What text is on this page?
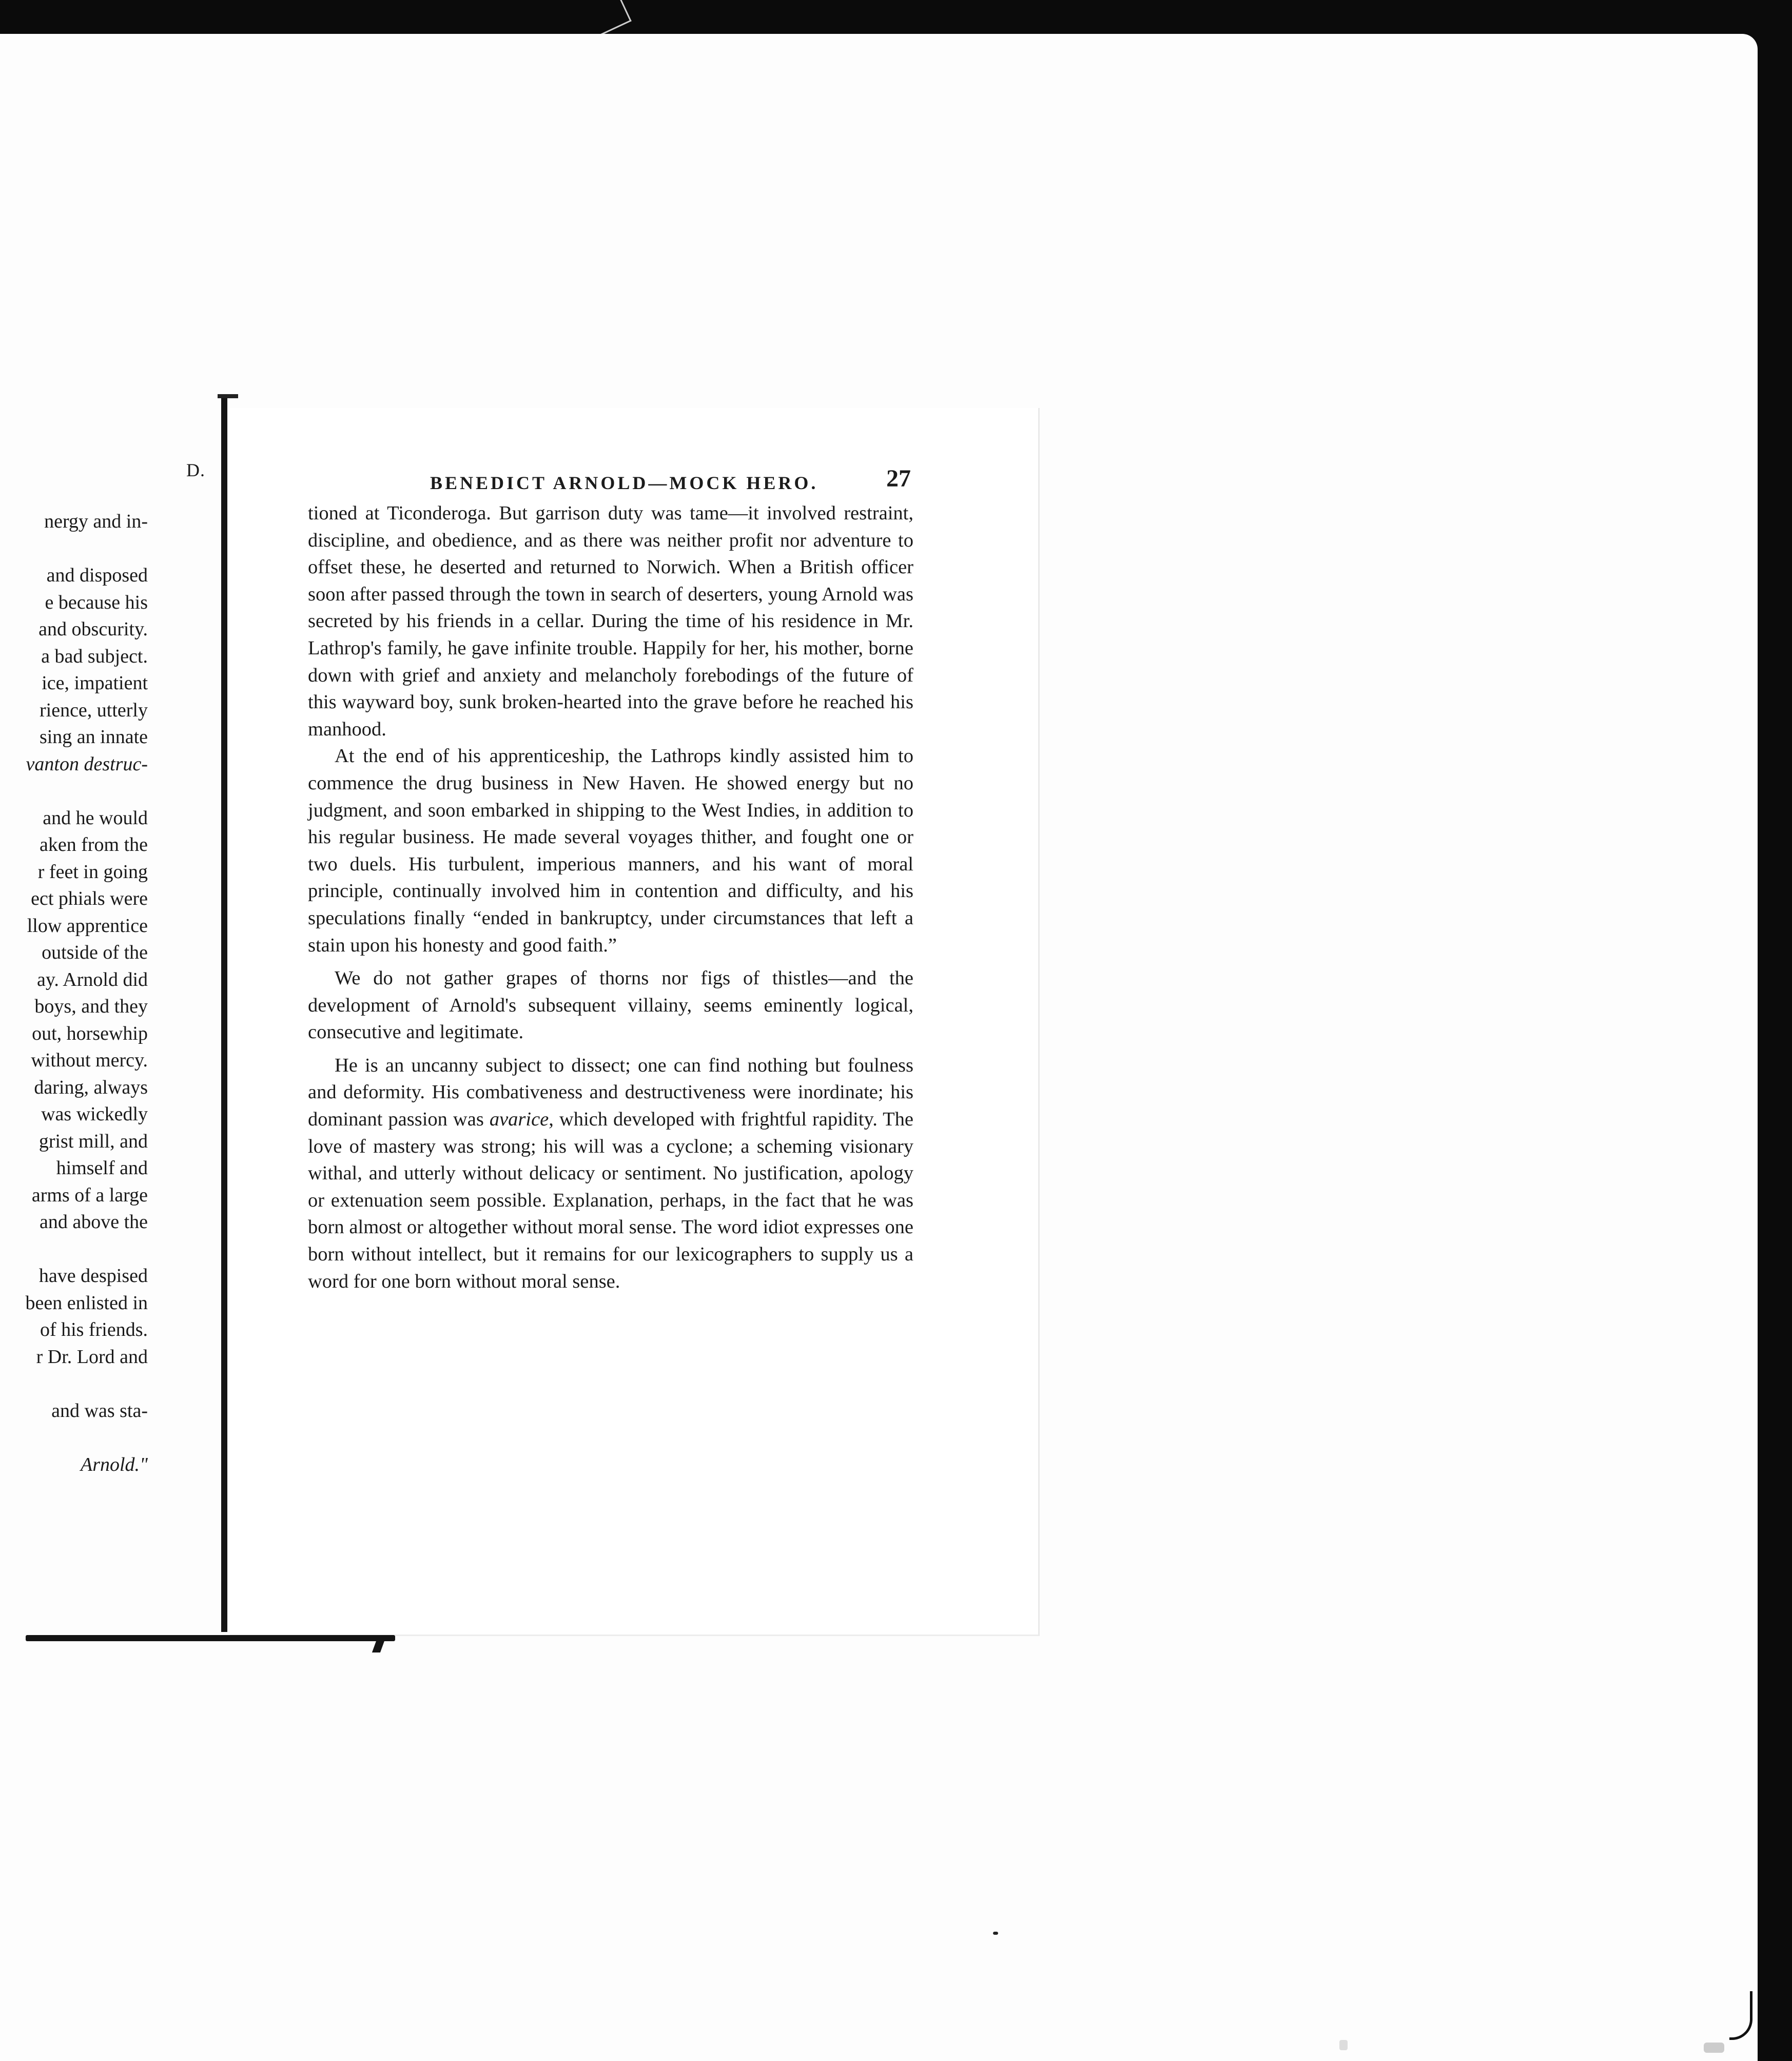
D.
nergy and in-

and disposed
e because his
and obscurity.
a bad subject.
ice, impatient
rience, utterly
sing an innate
vanton destruc-

and he would
aken from the
r feet in going
ect phials were
llow apprentice
outside of the
ay. Arnold did
boys, and they
out, horsewhip
without mercy.
daring, always
was wickedly
grist mill, and
himself and
arms of a large
and above the

have despised
been enlisted in
of his friends.
r Dr. Lord and

and was sta-

Arnold."
BENEDICT ARNOLD—MOCK HERO.	27

tioned at Ticonderoga. But garrison duty was tame—it involved restraint, discipline, and obedience, and as there was neither profit nor adventure to offset these, he deserted and returned to Norwich. When a British officer soon after passed through the town in search of deserters, young Arnold was secreted by his friends in a cellar. During the time of his residence in Mr. Lathrop's family, he gave infinite trouble. Happily for her, his mother, borne down with grief and anxiety and melancholy forebodings of the future of this wayward boy, sunk broken-hearted into the grave before he reached his manhood.

At the end of his apprenticeship, the Lathrops kindly assisted him to commence the drug business in New Haven. He showed energy but no judgment, and soon embarked in shipping to the West Indies, in addition to his regular business. He made several voyages thither, and fought one or two duels. His turbulent, imperious manners, and his want of moral principle, continually involved him in contention and difficulty, and his speculations finally “ended in bankruptcy, under circumstances that left a stain upon his honesty and good faith.”

We do not gather grapes of thorns nor figs of thistles—and the development of Arnold's subsequent villainy, seems eminently logical, consecutive and legitimate.

He is an uncanny subject to dissect; one can find nothing but foulness and deformity. His combativeness and destructiveness were inordinate; his dominant passion was avarice, which developed with frightful rapidity. The love of mastery was strong; his will was a cyclone; a scheming visionary withal, and utterly without delicacy or sentiment. No justification, apology or extenuation seem possible. Explanation, perhaps, in the fact that he was born almost or altogether without moral sense. The word idiot expresses one born without intellect, but it remains for our lexicographers to supply us a word for one born without moral sense.
